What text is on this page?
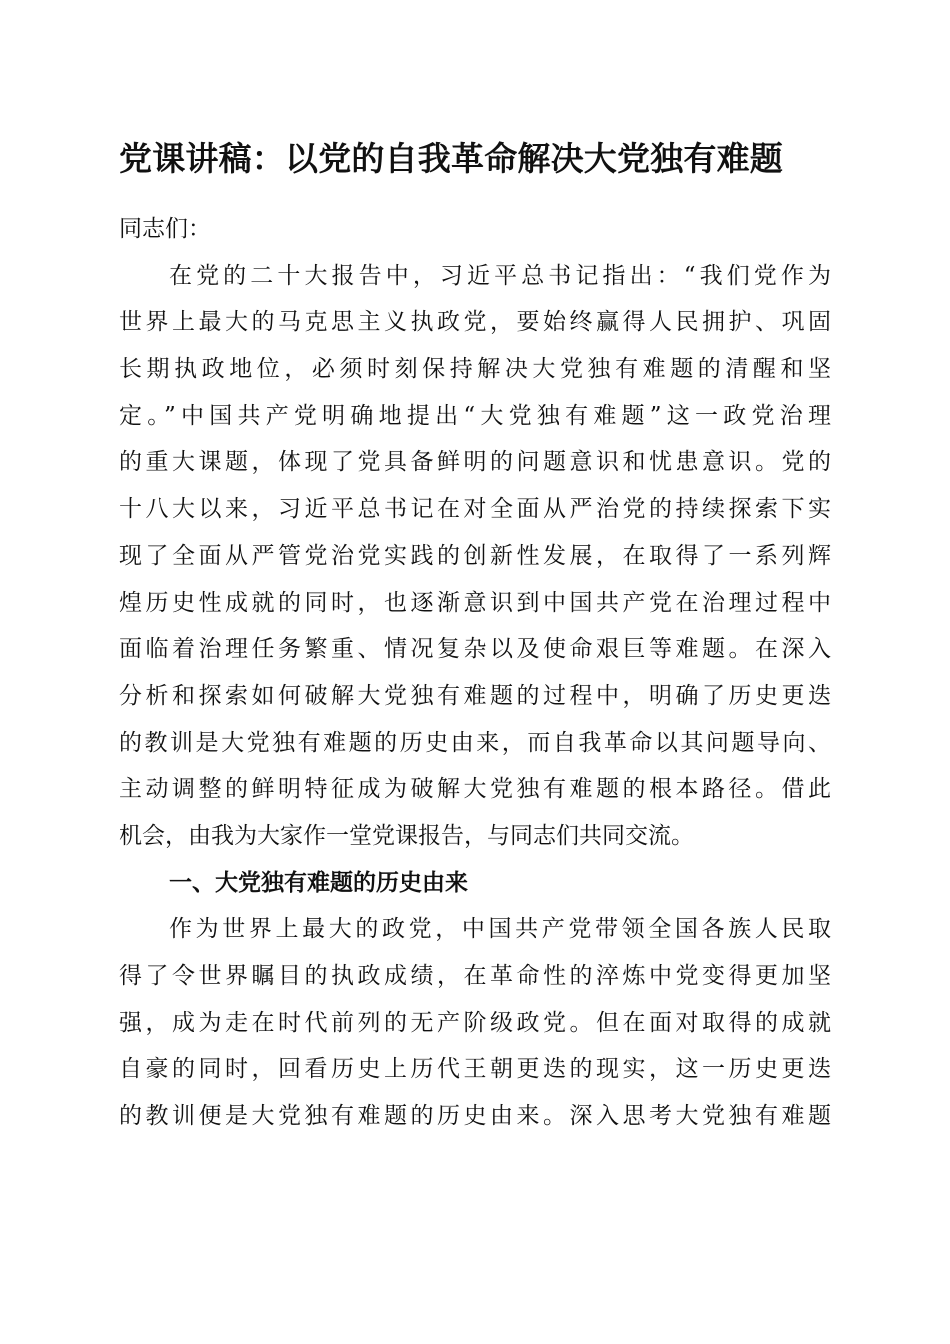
党课讲稿：以党的自我革命解决大党独有难题
同志们：
在党的二十大报告中，习近平总书记指出：“我们党作为
世界上最大的马克思主义执政党，要始终赢得人民拥护、巩固
长期执政地位，必须时刻保持解决大党独有难题的清醒和坚
定。”中国共产党明确地提出“大党独有难题”这一政党治理
的重大课题，体现了党具备鲜明的问题意识和忧患意识。党的
十八大以来，习近平总书记在对全面从严治党的持续探索下实
现了全面从严管党治党实践的创新性发展，在取得了一系列辉
煌历史性成就的同时，也逐渐意识到中国共产党在治理过程中
面临着治理任务繁重、情况复杂以及使命艰巨等难题。在深入
分析和探索如何破解大党独有难题的过程中，明确了历史更迭
的教训是大党独有难题的历史由来，而自我革命以其问题导向、
主动调整的鲜明特征成为破解大党独有难题的根本路径。借此
机会，由我为大家作一堂党课报告，与同志们共同交流。
一、大党独有难题的历史由来
作为世界上最大的政党，中国共产党带领全国各族人民取
得了令世界瞩目的执政成绩，在革命性的淬炼中党变得更加坚
强，成为走在时代前列的无产阶级政党。但在面对取得的成就
自豪的同时，回看历史上历代王朝更迭的现实，这一历史更迭
的教训便是大党独有难题的历史由来。深入思考大党独有难题
